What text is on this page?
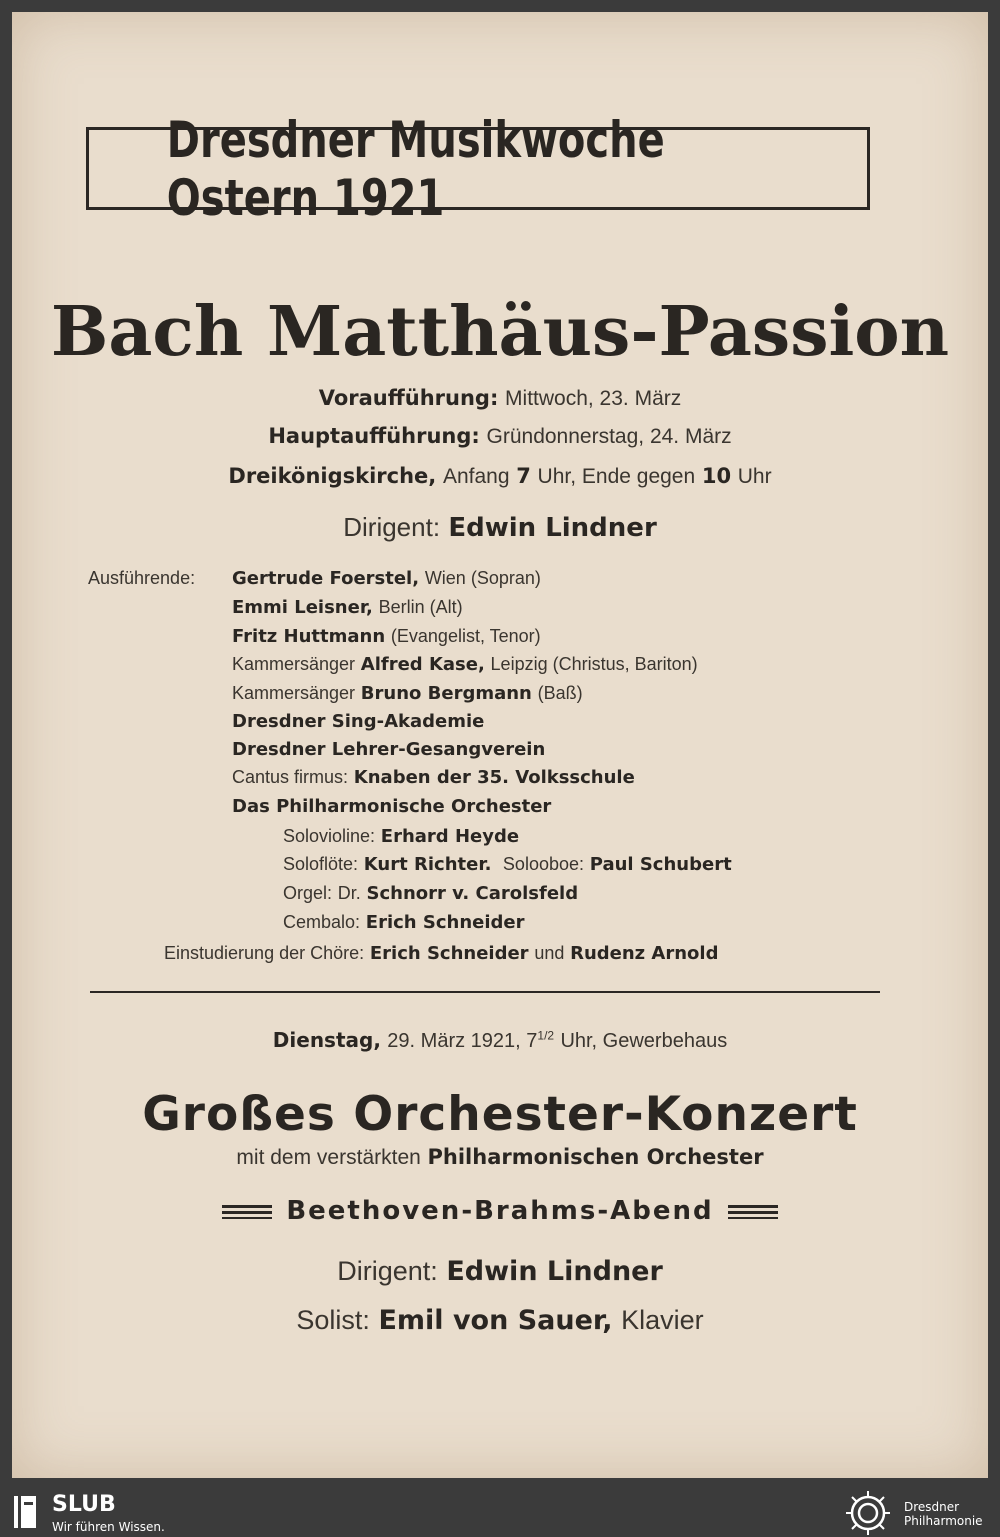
Dresdner Musikwoche Ostern 1921
Bach Matthäus-Passion
Voraufführung: Mittwoch, 23. März
Hauptaufführung: Gründonnerstag, 24. März
Dreikönigskirche, Anfang 7 Uhr, Ende gegen 10 Uhr
Dirigent: Edwin Lindner
Ausführende: Gertrude Foerstel, Wien (Sopran)
Emmi Leisner, Berlin (Alt)
Fritz Huttmann (Evangelist, Tenor)
Kammersänger Alfred Kase, Leipzig (Christus, Bariton)
Kammersänger Bruno Bergmann (Baß)
Dresdner Sing-Akademie
Dresdner Lehrer-Gesangverein
Cantus firmus: Knaben der 35. Volksschule
Das Philharmonische Orchester
Solovioline: Erhard Heyde
Soloflöte: Kurt Richter. Solooboe: Paul Schubert
Orgel: Dr. Schnorr v. Carolsfeld
Cembalo: Erich Schneider
Einstudierung der Chöre: Erich Schneider und Rudenz Arnold
Dienstag, 29. März 1921, $7^{1/2}$ Uhr, Gewerbehaus
Großes Orchester-Konzert
mit dem verstärkten Philharmonischen Orchester
Beethoven-Brahms-Abend
Dirigent: Edwin Lindner
Solist: Emil von Sauer, Klavier
SLUB
Wir führen Wissen.
Dresdner
Philharmonie
